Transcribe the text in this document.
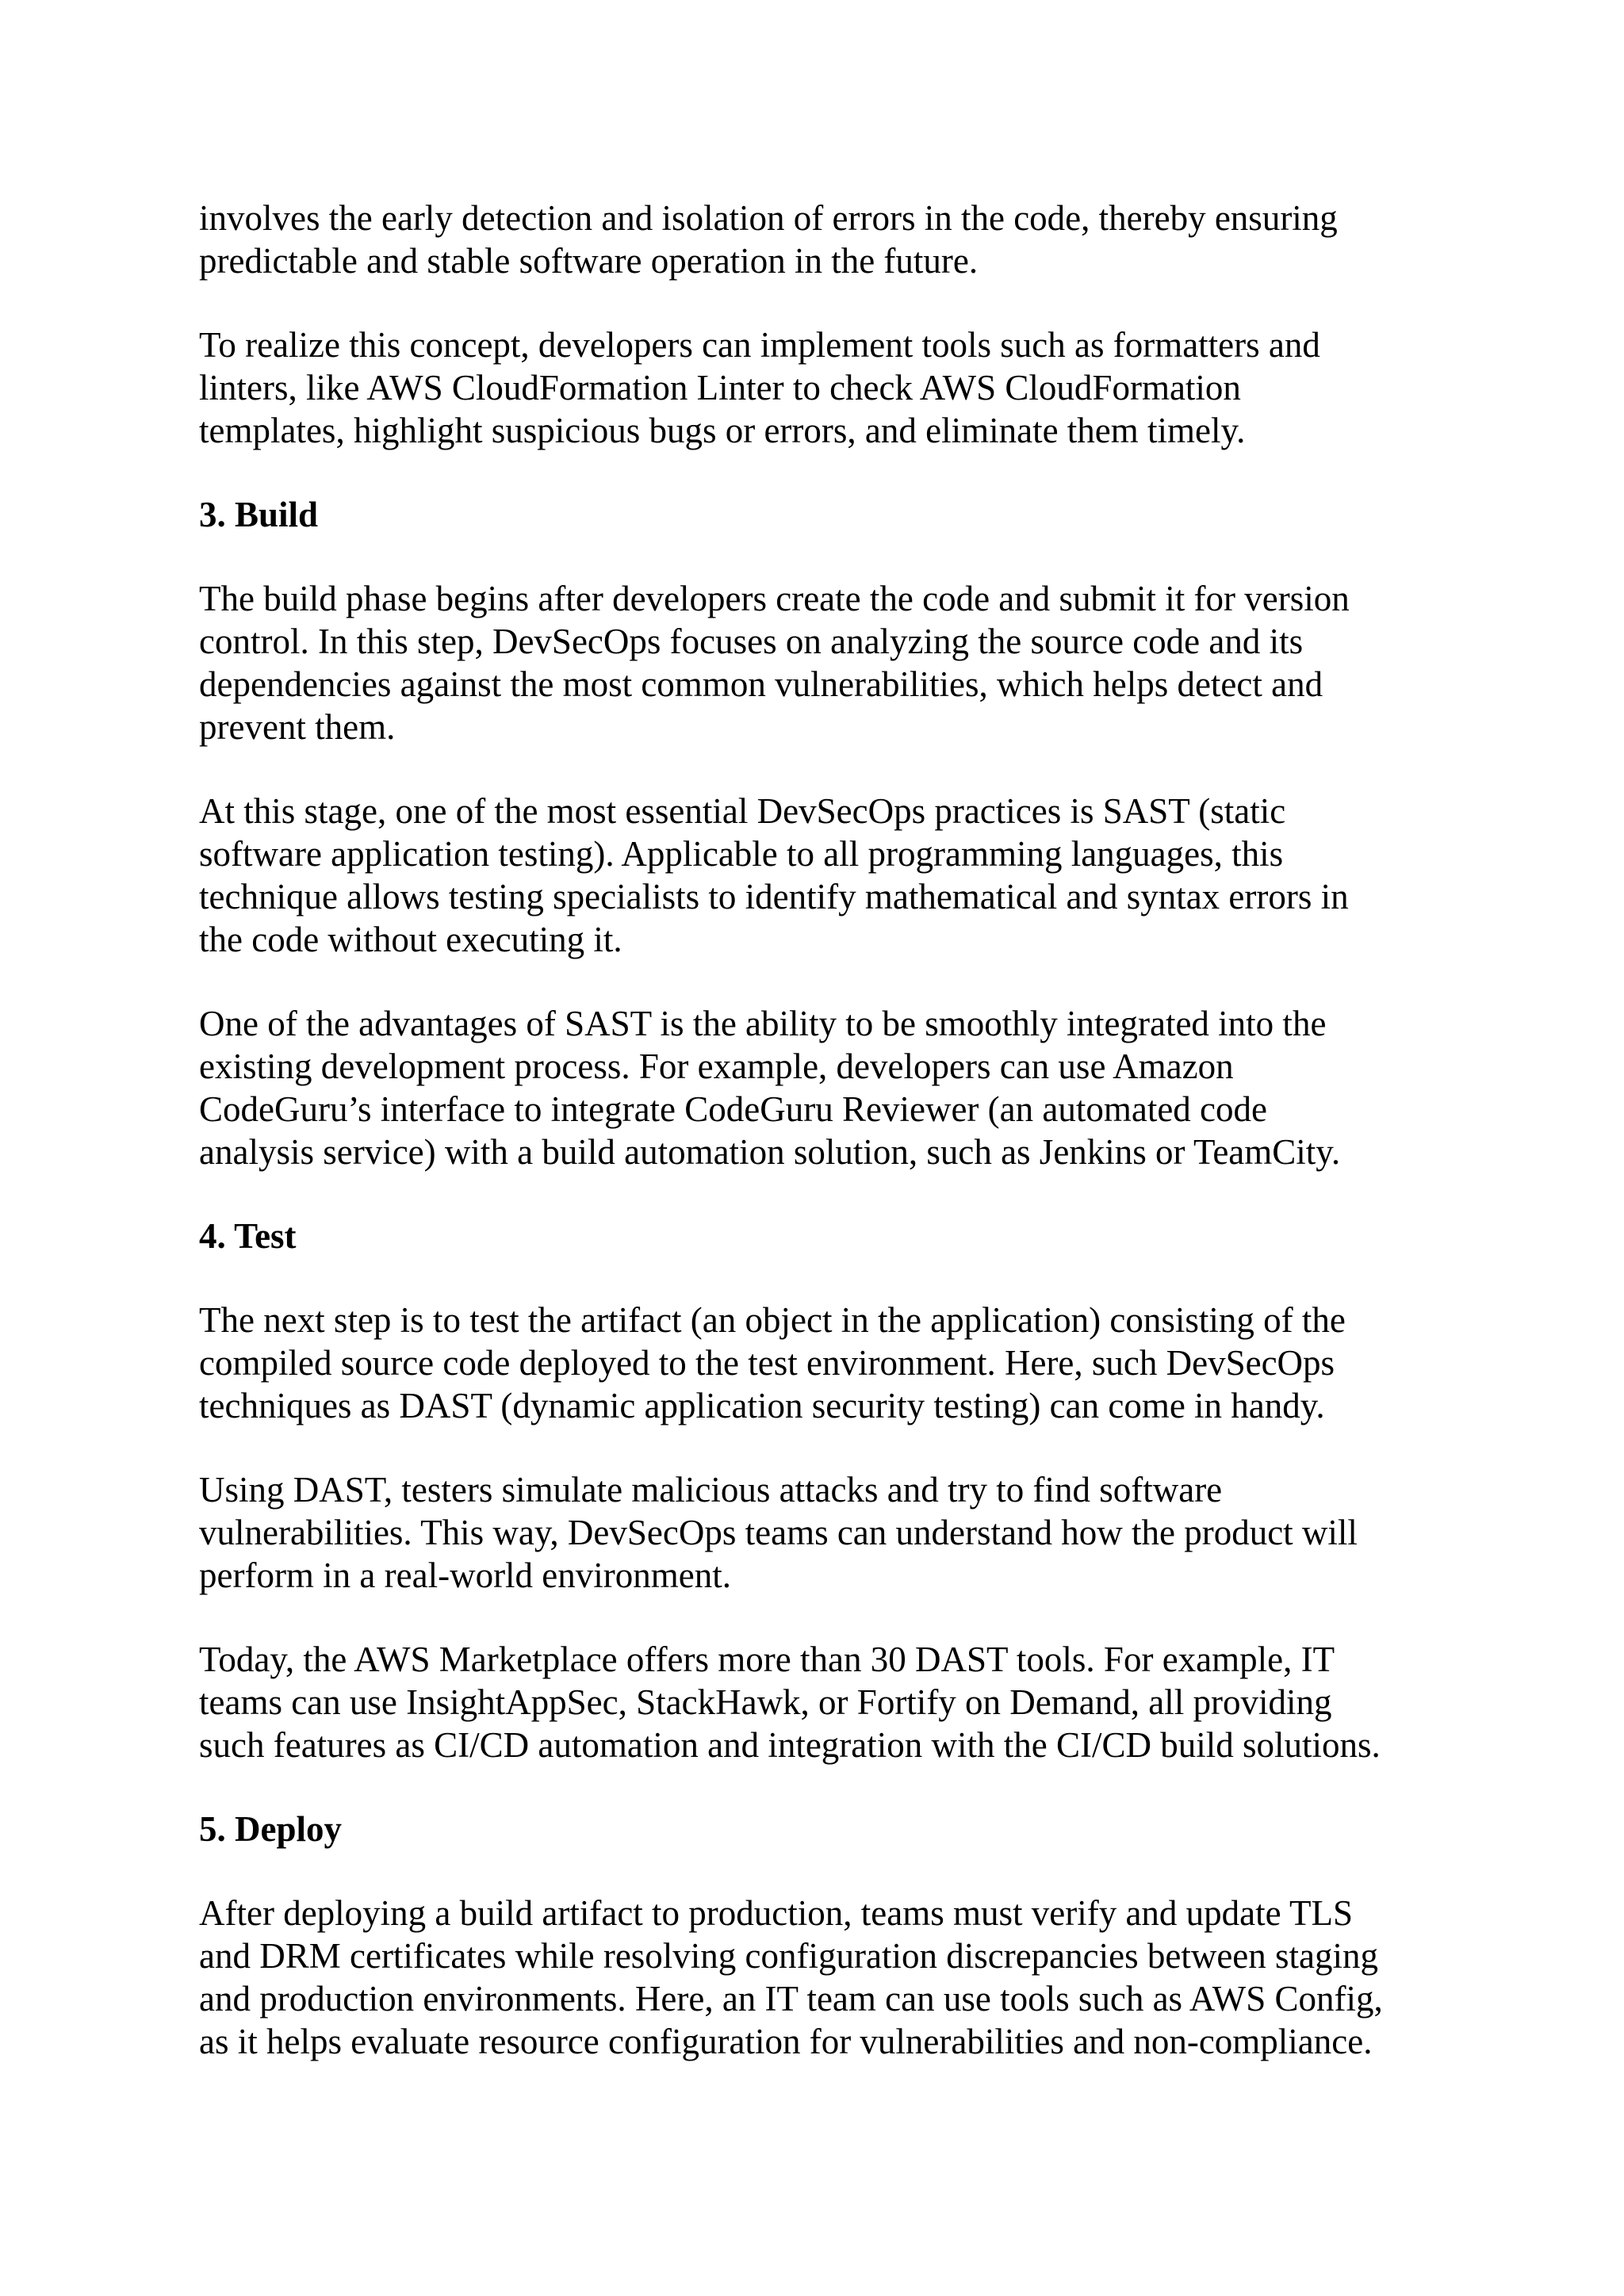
involves the early detection and isolation of errors in the code, thereby ensuring
predictable and stable software operation in the future.
To realize this concept, developers can implement tools such as formatters and
linters, like AWS CloudFormation Linter to check AWS CloudFormation
templates, highlight suspicious bugs or errors, and eliminate them timely.
3. Build
The build phase begins after developers create the code and submit it for version
control. In this step, DevSecOps focuses on analyzing the source code and its
dependencies against the most common vulnerabilities, which helps detect and
prevent them.
At this stage, one of the most essential DevSecOps practices is SAST (static
software application testing). Applicable to all programming languages, this
technique allows testing specialists to identify mathematical and syntax errors in
the code without executing it.
One of the advantages of SAST is the ability to be smoothly integrated into the
existing development process. For example, developers can use Amazon
CodeGuru’s interface to integrate CodeGuru Reviewer (an automated code
analysis service) with a build automation solution, such as Jenkins or TeamCity.
4. Test
The next step is to test the artifact (an object in the application) consisting of the
compiled source code deployed to the test environment. Here, such DevSecOps
techniques as DAST (dynamic application security testing) can come in handy.
Using DAST, testers simulate malicious attacks and try to find software
vulnerabilities. This way, DevSecOps teams can understand how the product will
perform in a real-world environment.
Today, the AWS Marketplace offers more than 30 DAST tools. For example, IT
teams can use InsightAppSec, StackHawk, or Fortify on Demand, all providing
such features as CI/CD automation and integration with the CI/CD build solutions.
5. Deploy
After deploying a build artifact to production, teams must verify and update TLS
and DRM certificates while resolving configuration discrepancies between staging
and production environments. Here, an IT team can use tools such as AWS Config,
as it helps evaluate resource configuration for vulnerabilities and non-compliance.
